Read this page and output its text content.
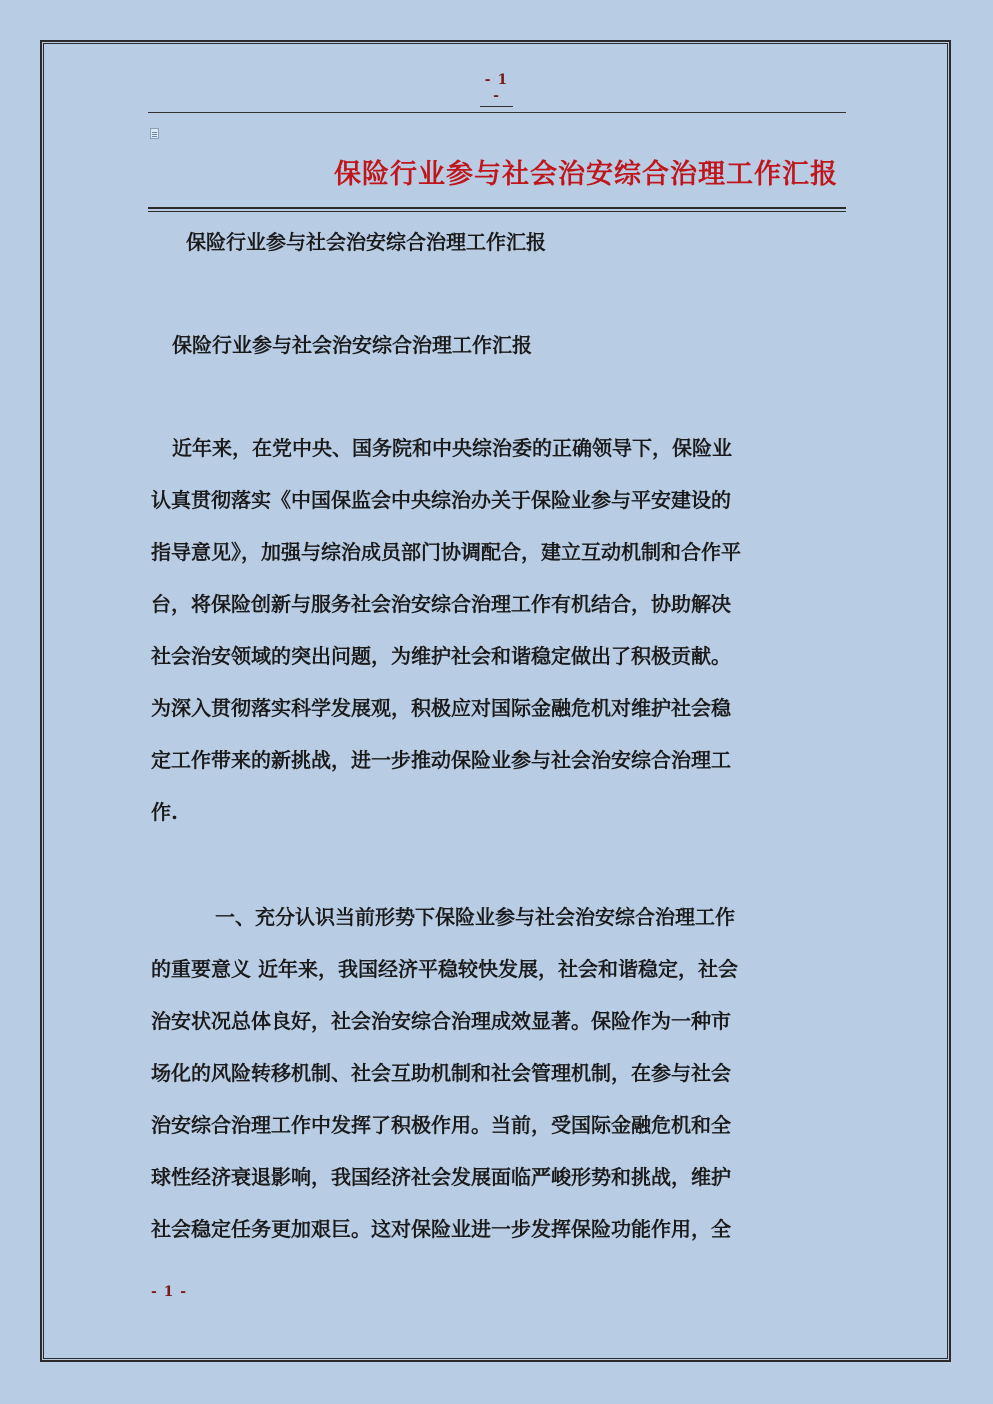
- 1 -
保险行业参与社会治安综合治理工作汇报
保险行业参与社会治安综合治理工作汇报
保险行业参与社会治安综合治理工作汇报
近年来，在党中央、国务院和中央综治委的正确领导下，保险业
认真贯彻落实《中国保监会中央综治办关于保险业参与平安建设的
指导意见》，加强与综治成员部门协调配合，建立互动机制和合作平
台，将保险创新与服务社会治安综合治理工作有机结合，协助解决
社会治安领域的突出问题，为维护社会和谐稳定做出了积极贡献。
为深入贯彻落实科学发展观，积极应对国际金融危机对维护社会稳
定工作带来的新挑战，进一步推动保险业参与社会治安综合治理工
作.
一、充分认识当前形势下保险业参与社会治安综合治理工作
的重要意义 近年来，我国经济平稳较快发展，社会和谐稳定，社会
治安状况总体良好，社会治安综合治理成效显著。保险作为一种市
场化的风险转移机制、社会互助机制和社会管理机制，在参与社会
治安综合治理工作中发挥了积极作用。当前，受国际金融危机和全
球性经济衰退影响，我国经济社会发展面临严峻形势和挑战，维护
社会稳定任务更加艰巨。这对保险业进一步发挥保险功能作用，全
- 1 -
